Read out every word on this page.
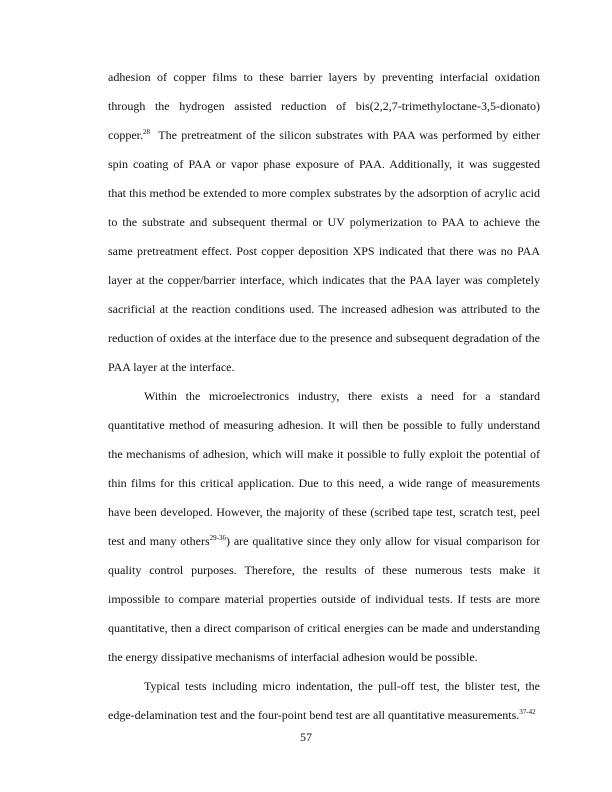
adhesion of copper films to these barrier layers by preventing interfacial oxidation
through the hydrogen assisted reduction of bis(2,2,7-trimethyloctane-3,5-dionato)
copper.$^{28}$  The pretreatment of the silicon substrates with PAA was performed by either
spin coating of PAA or vapor phase exposure of PAA. Additionally, it was suggested
that this method be extended to more complex substrates by the adsorption of acrylic acid
to the substrate and subsequent thermal or UV polymerization to PAA to achieve the
same pretreatment effect. Post copper deposition XPS indicated that there was no PAA
layer at the copper/barrier interface, which indicates that the PAA layer was completely
sacrificial at the reaction conditions used. The increased adhesion was attributed to the
reduction of oxides at the interface due to the presence and subsequent degradation of the
PAA layer at the interface.
Within the microelectronics industry, there exists a need for a standard
quantitative method of measuring adhesion. It will then be possible to fully understand
the mechanisms of adhesion, which will make it possible to fully exploit the potential of
thin films for this critical application. Due to this need, a wide range of measurements
have been developed. However, the majority of these (scribed tape test, scratch test, peel
test and many others$^{29-36}$) are qualitative since they only allow for visual comparison for
quality control purposes. Therefore, the results of these numerous tests make it
impossible to compare material properties outside of individual tests. If tests are more
quantitative, then a direct comparison of critical energies can be made and understanding
the energy dissipative mechanisms of interfacial adhesion would be possible.
Typical tests including micro indentation, the pull-off test, the blister test, the
edge-delamination test and the four-point bend test are all quantitative measurements.$^{37-42}$
57
